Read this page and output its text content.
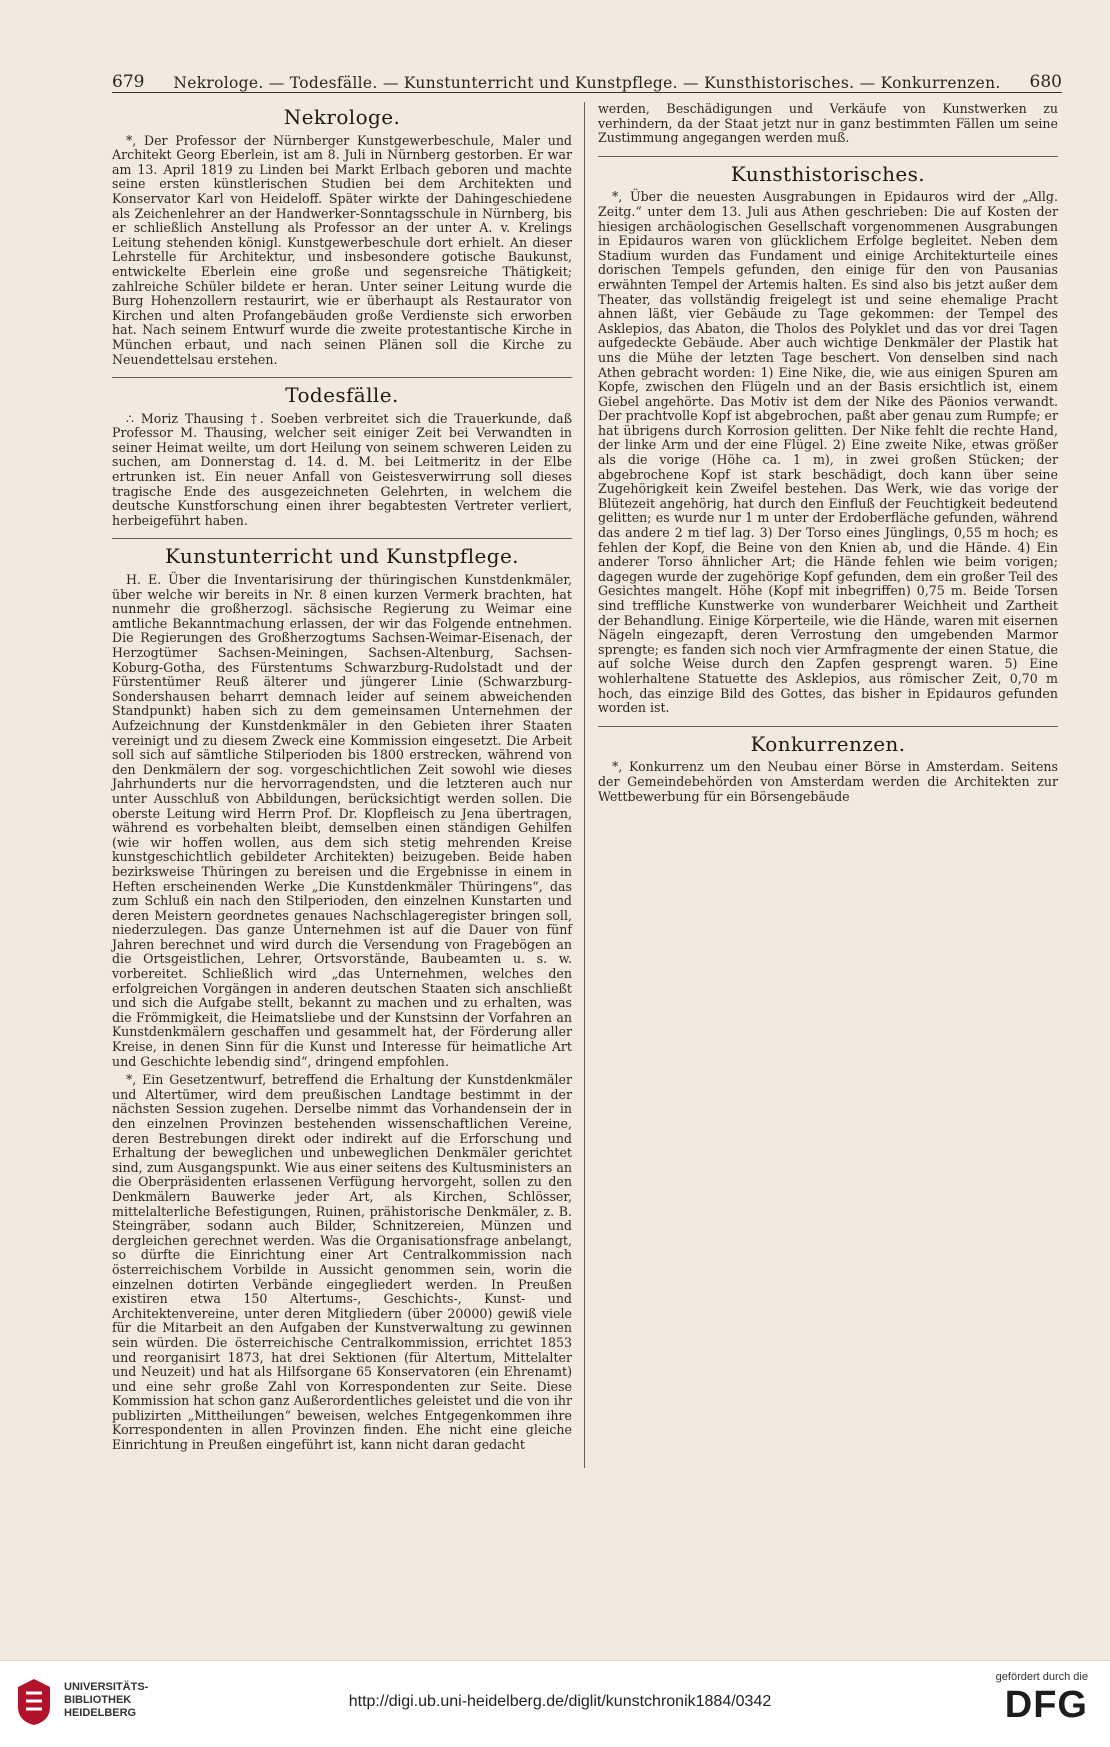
679 Nekrologe. — Todesfälle. — Kunstunterricht und Kunstpflege. — Kunsthistorisches. — Konkurrenzen. 680
Nekrologe.

*, Der Professor der Nürnberger Kunstgewerbeschule, Maler und Architekt Georg Eberlein, ist am 8. Juli in Nürnberg gestorben. Er war am 13. April 1819 zu Linden bei Markt Erlbach geboren und machte seine ersten künstlerischen Studien bei dem Architekten und Konservator Karl von Heideloff. Später wirkte der Dahingeschiedene als Zeichenlehrer an der Handwerker-Sonntagsschule in Nürnberg, bis er schließlich Anstellung als Professor an der unter A. v. Krelings Leitung stehenden königl. Kunstgewerbeschule dort erhielt. An dieser Lehrstelle für Architektur, und insbesondere gotische Baukunst, entwickelte Eberlein eine große und segensreiche Thätigkeit; zahlreiche Schüler bildete er heran. Unter seiner Leitung wurde die Burg Hohenzollern restaurirt, wie er überhaupt als Restaurator von Kirchen und alten Profangebäuden große Verdienste sich erworben hat. Nach seinem Entwurf wurde die zweite protestantische Kirche in München erbaut, und nach seinen Plänen soll die Kirche zu Neuendettelsau erstehen.

Todesfälle.

∴ Moriz Thausing †. Soeben verbreitet sich die Trauerkunde, daß Professor M. Thausing, welcher seit einiger Zeit bei Verwandten in seiner Heimat weilte, um dort Heilung von seinem schweren Leiden zu suchen, am Donnerstag d. 14. d. M. bei Leitmeritz in der Elbe ertrunken ist. Ein neuer Anfall von Geistesverwirrung soll dieses tragische Ende des ausgezeichneten Gelehrten, in welchem die deutsche Kunstforschung einen ihrer begabtesten Vertreter verliert, herbeigeführt haben.

Kunstunterricht und Kunstpflege.

H. E. Über die Inventarisirung der thüringischen Kunstdenkmäler, über welche wir bereits in Nr. 8 einen kurzen Vermerk brachten, hat nunmehr die großherzogl. sächsische Regierung zu Weimar eine amtliche Bekanntmachung erlassen, der wir das Folgende entnehmen. Die Regierungen des Großherzogtums Sachsen-Weimar-Eisenach, der Herzogtümer Sachsen-Meiningen, Sachsen-Altenburg, Sachsen-Koburg-Gotha, des Fürstentums Schwarzburg-Rudolstadt und der Fürstentümer Reuß älterer und jüngerer Linie (Schwarzburg-Sondershausen beharrt demnach leider auf seinem abweichenden Standpunkt) haben sich zu dem gemeinsamen Unternehmen der Aufzeichnung der Kunstdenkmäler in den Gebieten ihrer Staaten vereinigt und zu diesem Zweck eine Kommission eingesetzt. Die Arbeit soll sich auf sämtliche Stilperioden bis 1800 erstrecken, während von den Denkmälern der sog. vorgeschichtlichen Zeit sowohl wie dieses Jahrhunderts nur die hervorragendsten, und die letzteren auch nur unter Ausschluß von Abbildungen, berücksichtigt werden sollen. Die oberste Leitung wird Herrn Prof. Dr. Klopfleisch zu Jena übertragen, während es vorbehalten bleibt, demselben einen ständigen Gehilfen (wie wir hoffen wollen, aus dem sich stetig mehrenden Kreise kunstgeschichtlich gebildeter Architekten) beizugeben. Beide haben bezirksweise Thüringen zu bereisen und die Ergebnisse in einem in Heften erscheinenden Werke „Die Kunstdenkmäler Thüringens“, das zum Schluß ein nach den Stilperioden, den einzelnen Kunstarten und deren Meistern geordnetes genaues Nachschlageregister bringen soll, niederzulegen. Das ganze Unternehmen ist auf die Dauer von fünf Jahren berechnet und wird durch die Versendung von Fragebögen an die Ortsgeistlichen, Lehrer, Ortsvorstände, Baubeamten u. s. w. vorbereitet. Schließlich wird „das Unternehmen, welches den erfolgreichen Vorgängen in anderen deutschen Staaten sich anschließt und sich die Aufgabe stellt, bekannt zu machen und zu erhalten, was die Frömmigkeit, die Heimatsliebe und der Kunstsinn der Vorfahren an Kunstdenkmälern geschaffen und gesammelt hat, der Förderung aller Kreise, in denen Sinn für die Kunst und Interesse für heimatliche Art und Geschichte lebendig sind“, dringend empfohlen.

*, Ein Gesetzentwurf, betreffend die Erhaltung der Kunstdenkmäler und Altertümer, wird dem preußischen Landtage bestimmt in der nächsten Session zugehen. Derselbe nimmt das Vorhandensein der in den einzelnen Provinzen bestehenden wissenschaftlichen Vereine, deren Bestrebungen direkt oder indirekt auf die Erforschung und Erhaltung der beweglichen und unbeweglichen Denkmäler gerichtet sind, zum Ausgangspunkt. Wie aus einer seitens des Kultusministers an die Oberpräsidenten erlassenen Verfügung hervorgeht, sollen zu den Denkmälern Bauwerke jeder Art, als Kirchen, Schlösser, mittelalterliche Befestigungen, Ruinen, prähistorische Denkmäler, z. B. Steingräber, sodann auch Bilder, Schnitzereien, Münzen und dergleichen gerechnet werden. Was die Organisationsfrage anbelangt, so dürfte die Einrichtung einer Art Centralkommission nach österreichischem Vorbilde in Aussicht genommen sein, worin die einzelnen dotirten Verbände eingegliedert werden. In Preußen existiren etwa 150 Altertums-, Geschichts-, Kunst- und Architektenvereine, unter deren Mitgliedern (über 20000) gewiß viele für die Mitarbeit an den Aufgaben der Kunstverwaltung zu gewinnen sein würden. Die österreichische Centralkommission, errichtet 1853 und reorganisirt 1873, hat drei Sektionen (für Altertum, Mittelalter und Neuzeit) und hat als Hilfsorgane 65 Konservatoren (ein Ehrenamt) und eine sehr große Zahl von Korrespondenten zur Seite. Diese Kommission hat schon ganz Außerordentliches geleistet und die von ihr publizirten „Mittheilungen“ beweisen, welches Entgegenkommen ihre Korrespondenten in allen Provinzen finden. Ehe nicht eine gleiche Einrichtung in Preußen eingeführt ist, kann nicht daran gedacht

werden, Beschädigungen und Verkäufe von Kunstwerken zu verhindern, da der Staat jetzt nur in ganz bestimmten Fällen um seine Zustimmung angegangen werden muß.

Kunsthistorisches.

*, Über die neuesten Ausgrabungen in Epidauros wird der „Allg. Zeitg.“ unter dem 13. Juli aus Athen geschrieben: Die auf Kosten der hiesigen archäologischen Gesellschaft vorgenommenen Ausgrabungen in Epidauros waren von glücklichem Erfolge begleitet. Neben dem Stadium wurden das Fundament und einige Architekturteile eines dorischen Tempels gefunden, den einige für den von Pausanias erwähnten Tempel der Artemis halten. Es sind also bis jetzt außer dem Theater, das vollständig freigelegt ist und seine ehemalige Pracht ahnen läßt, vier Gebäude zu Tage gekommen: der Tempel des Asklepios, das Abaton, die Tholos des Polyklet und das vor drei Tagen aufgedeckte Gebäude. Aber auch wichtige Denkmäler der Plastik hat uns die Mühe der letzten Tage beschert. Von denselben sind nach Athen gebracht worden: 1) Eine Nike, die, wie aus einigen Spuren am Kopfe, zwischen den Flügeln und an der Basis ersichtlich ist, einem Giebel angehörte. Das Motiv ist dem der Nike des Päonios verwandt. Der prachtvolle Kopf ist abgebrochen, paßt aber genau zum Rumpfe; er hat übrigens durch Korrosion gelitten. Der Nike fehlt die rechte Hand, der linke Arm und der eine Flügel. 2) Eine zweite Nike, etwas größer als die vorige (Höhe ca. 1 m), in zwei großen Stücken; der abgebrochene Kopf ist stark beschädigt, doch kann über seine Zugehörigkeit kein Zweifel bestehen. Das Werk, wie das vorige der Blütezeit angehörig, hat durch den Einfluß der Feuchtigkeit bedeutend gelitten; es wurde nur 1 m unter der Erdoberfläche gefunden, während das andere 2 m tief lag. 3) Der Torso eines Jünglings, 0,55 m hoch; es fehlen der Kopf, die Beine von den Knien ab, und die Hände. 4) Ein anderer Torso ähnlicher Art; die Hände fehlen wie beim vorigen; dagegen wurde der zugehörige Kopf gefunden, dem ein großer Teil des Gesichtes mangelt. Höhe (Kopf mit inbegriffen) 0,75 m. Beide Torsen sind treffliche Kunstwerke von wunderbarer Weichheit und Zartheit der Behandlung. Einige Körperteile, wie die Hände, waren mit eisernen Nägeln eingezapft, deren Verrostung den umgebenden Marmor sprengte; es fanden sich noch vier Armfragmente der einen Statue, die auf solche Weise durch den Zapfen gesprengt waren. 5) Eine wohlerhaltene Statuette des Asklepios, aus römischer Zeit, 0,70 m hoch, das einzige Bild des Gottes, das bisher in Epidauros gefunden worden ist.

Konkurrenzen.

*, Konkurrenz um den Neubau einer Börse in Amsterdam. Seitens der Gemeindebehörden von Amsterdam werden die Architekten zur Wettbewerbung für ein Börsengebäude

UNIVERSITÄTS-
BIBLIOTHEK
HEIDELBERG
http://digi.ub.uni-heidelberg.de/diglit/kunstchronik1884/0342
gefördert durch die
DFG
